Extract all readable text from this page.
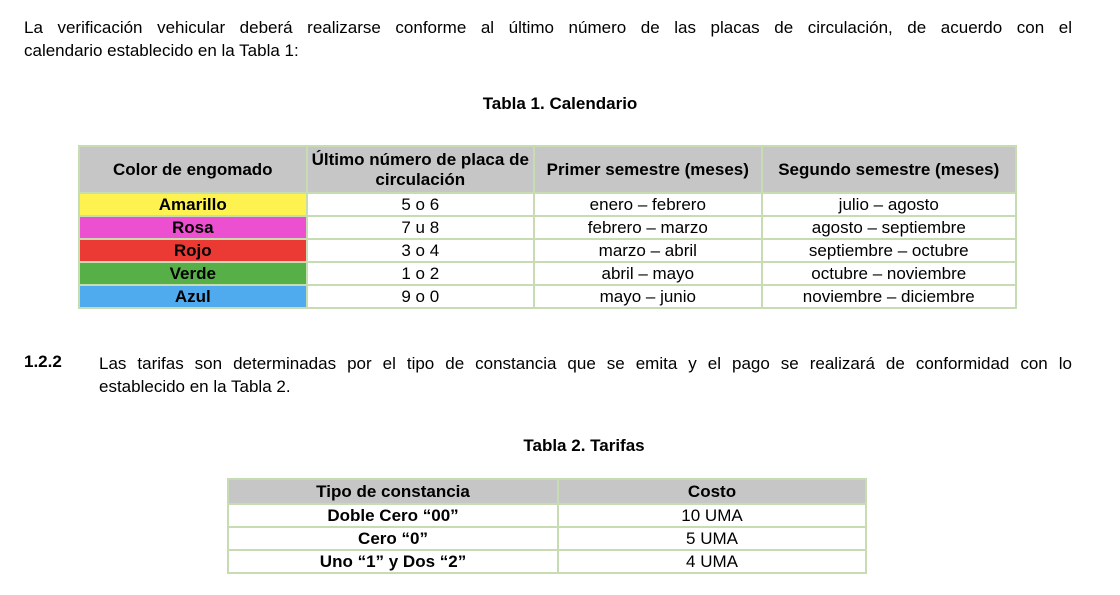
La verificación vehicular deberá realizarse conforme al último número de las placas de circulación, de acuerdo con el
calendario establecido en la Tabla 1:
Tabla 1. Calendario
Color de engomado	Último número de placa de circulación	Primer semestre (meses)	Segundo semestre (meses)
Amarillo	5 o 6	enero – febrero	julio – agosto
Rosa	7 u 8	febrero – marzo	agosto – septiembre
Rojo	3 o 4	marzo – abril	septiembre – octubre
Verde	1 o 2	abril – mayo	octubre – noviembre
Azul	9 o 0	mayo – junio	noviembre – diciembre
1.2.2 Las tarifas son determinadas por el tipo de constancia que se emita y el pago se realizará de conformidad con lo
establecido en la Tabla 2.
Tabla 2. Tarifas
Tipo de constancia	Costo
Doble Cero “00”	10 UMA
Cero “0”	5 UMA
Uno “1” y Dos “2”	4 UMA
